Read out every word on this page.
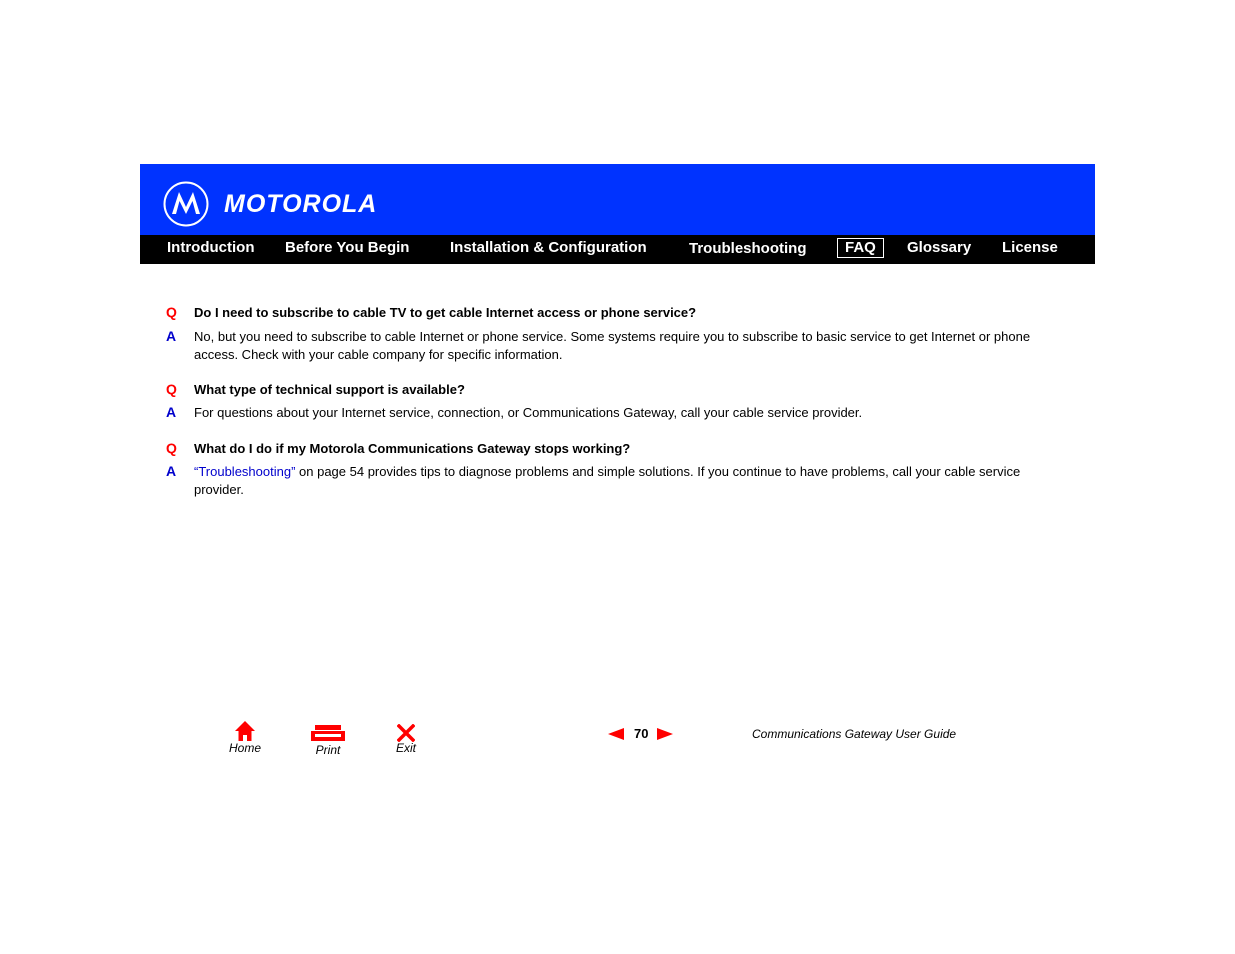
MOTOROLA
Introduction Before You Begin	Installation & Configuration	Troubleshooting	FAQ	Glossary License
Q Do I need to subscribe to cable TV to get cable Internet access or phone service?
A No, but you need to subscribe to cable Internet or phone service. Some systems require you to subscribe to basic service to get Internet or phone access. Check with your cable company for specific information.
Q What type of technical support is available?
A For questions about your Internet service, connection, or Communications Gateway, call your cable service provider.
Q What do I do if my Motorola Communications Gateway stops working?
A “Troubleshooting” on page 54 provides tips to diagnose problems and simple solutions. If you continue to have problems, call your cable service provider.
Home	Print	Exit
70	Communications Gateway User Guide
